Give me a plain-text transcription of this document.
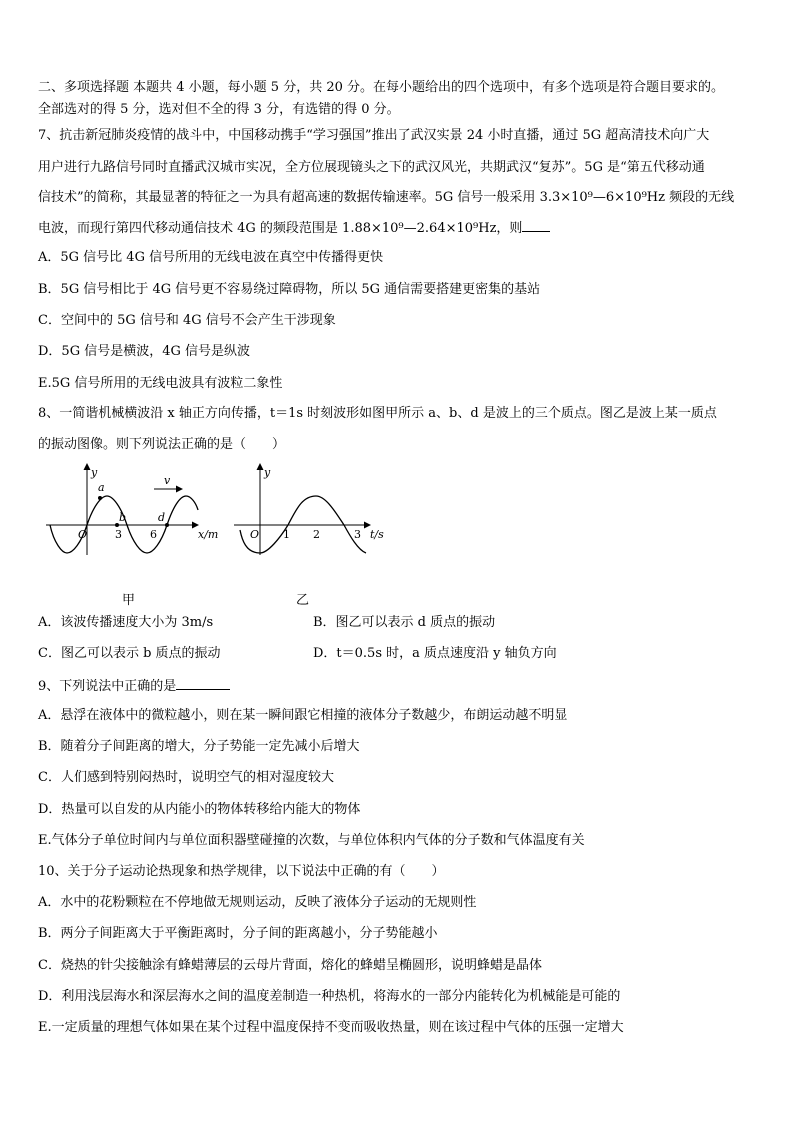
二、多项选择题 本题共 4 小题，每小题 5 分，共 20 分。在每小题给出的四个选项中，有多个选项是符合题目要求的。
全部选对的得 5 分，选对但不全的得 3 分，有选错的得 0 分。
7、抗击新冠肺炎疫情的战斗中，中国移动携手“学习强国”推出了武汉实景 24 小时直播，通过 5G 超高清技术向广大
用户进行九路信号同时直播武汉城市实况，全方位展现镜头之下的武汉风光，共期武汉“复苏”。5G 是“第五代移动通
信技术”的简称，其最显著的特征之一为具有超高速的数据传输速率。5G 信号一般采用 3.3×10⁹—6×10⁹Hz 频段的无线
电波，而现行第四代移动通信技术 4G 的频段范围是 1.88×10⁹—2.64×10⁹Hz，则
A．5G 信号比 4G 信号所用的无线电波在真空中传播得更快
B．5G 信号相比于 4G 信号更不容易绕过障碍物，所以 5G 通信需要搭建更密集的基站
C．空间中的 5G 信号和 4G 信号不会产生干涉现象
D．5G 信号是横波，4G 信号是纵波
E.5G 信号所用的无线电波具有波粒二象性
8、一简谐机械横波沿 x 轴正方向传播，t＝1s 时刻波形如图甲所示 a、b、d 是波上的三个质点。图乙是波上某一质点
的振动图像。则下列说法正确的是（　　）
v
y
x/m
O	3	6
a
b	d
y
t/s
O 1 2	3
甲	乙
A．该波传播速度大小为 3m/s	B．图乙可以表示 d 质点的振动
C．图乙可以表示 b 质点的振动	D．t＝0.5s 时，a 质点速度沿 y 轴负方向
9、下列说法中正确的是
A．悬浮在液体中的微粒越小，则在某一瞬间跟它相撞的液体分子数越少，布朗运动越不明显
B．随着分子间距离的增大，分子势能一定先减小后增大
C．人们感到特别闷热时，说明空气的相对湿度较大
D．热量可以自发的从内能小的物体转移给内能大的物体
E.气体分子单位时间内与单位面积器壁碰撞的次数，与单位体积内气体的分子数和气体温度有关
10、关于分子运动论热现象和热学规律，以下说法中正确的有（　　）
A．水中的花粉颗粒在不停地做无规则运动，反映了液体分子运动的无规则性
B．两分子间距离大于平衡距离时，分子间的距离越小，分子势能越小
C．烧热的针尖接触涂有蜂蜡薄层的云母片背面，熔化的蜂蜡呈椭圆形，说明蜂蜡是晶体
D．利用浅层海水和深层海水之间的温度差制造一种热机，将海水的一部分内能转化为机械能是可能的
E.一定质量的理想气体如果在某个过程中温度保持不变而吸收热量，则在该过程中气体的压强一定增大
